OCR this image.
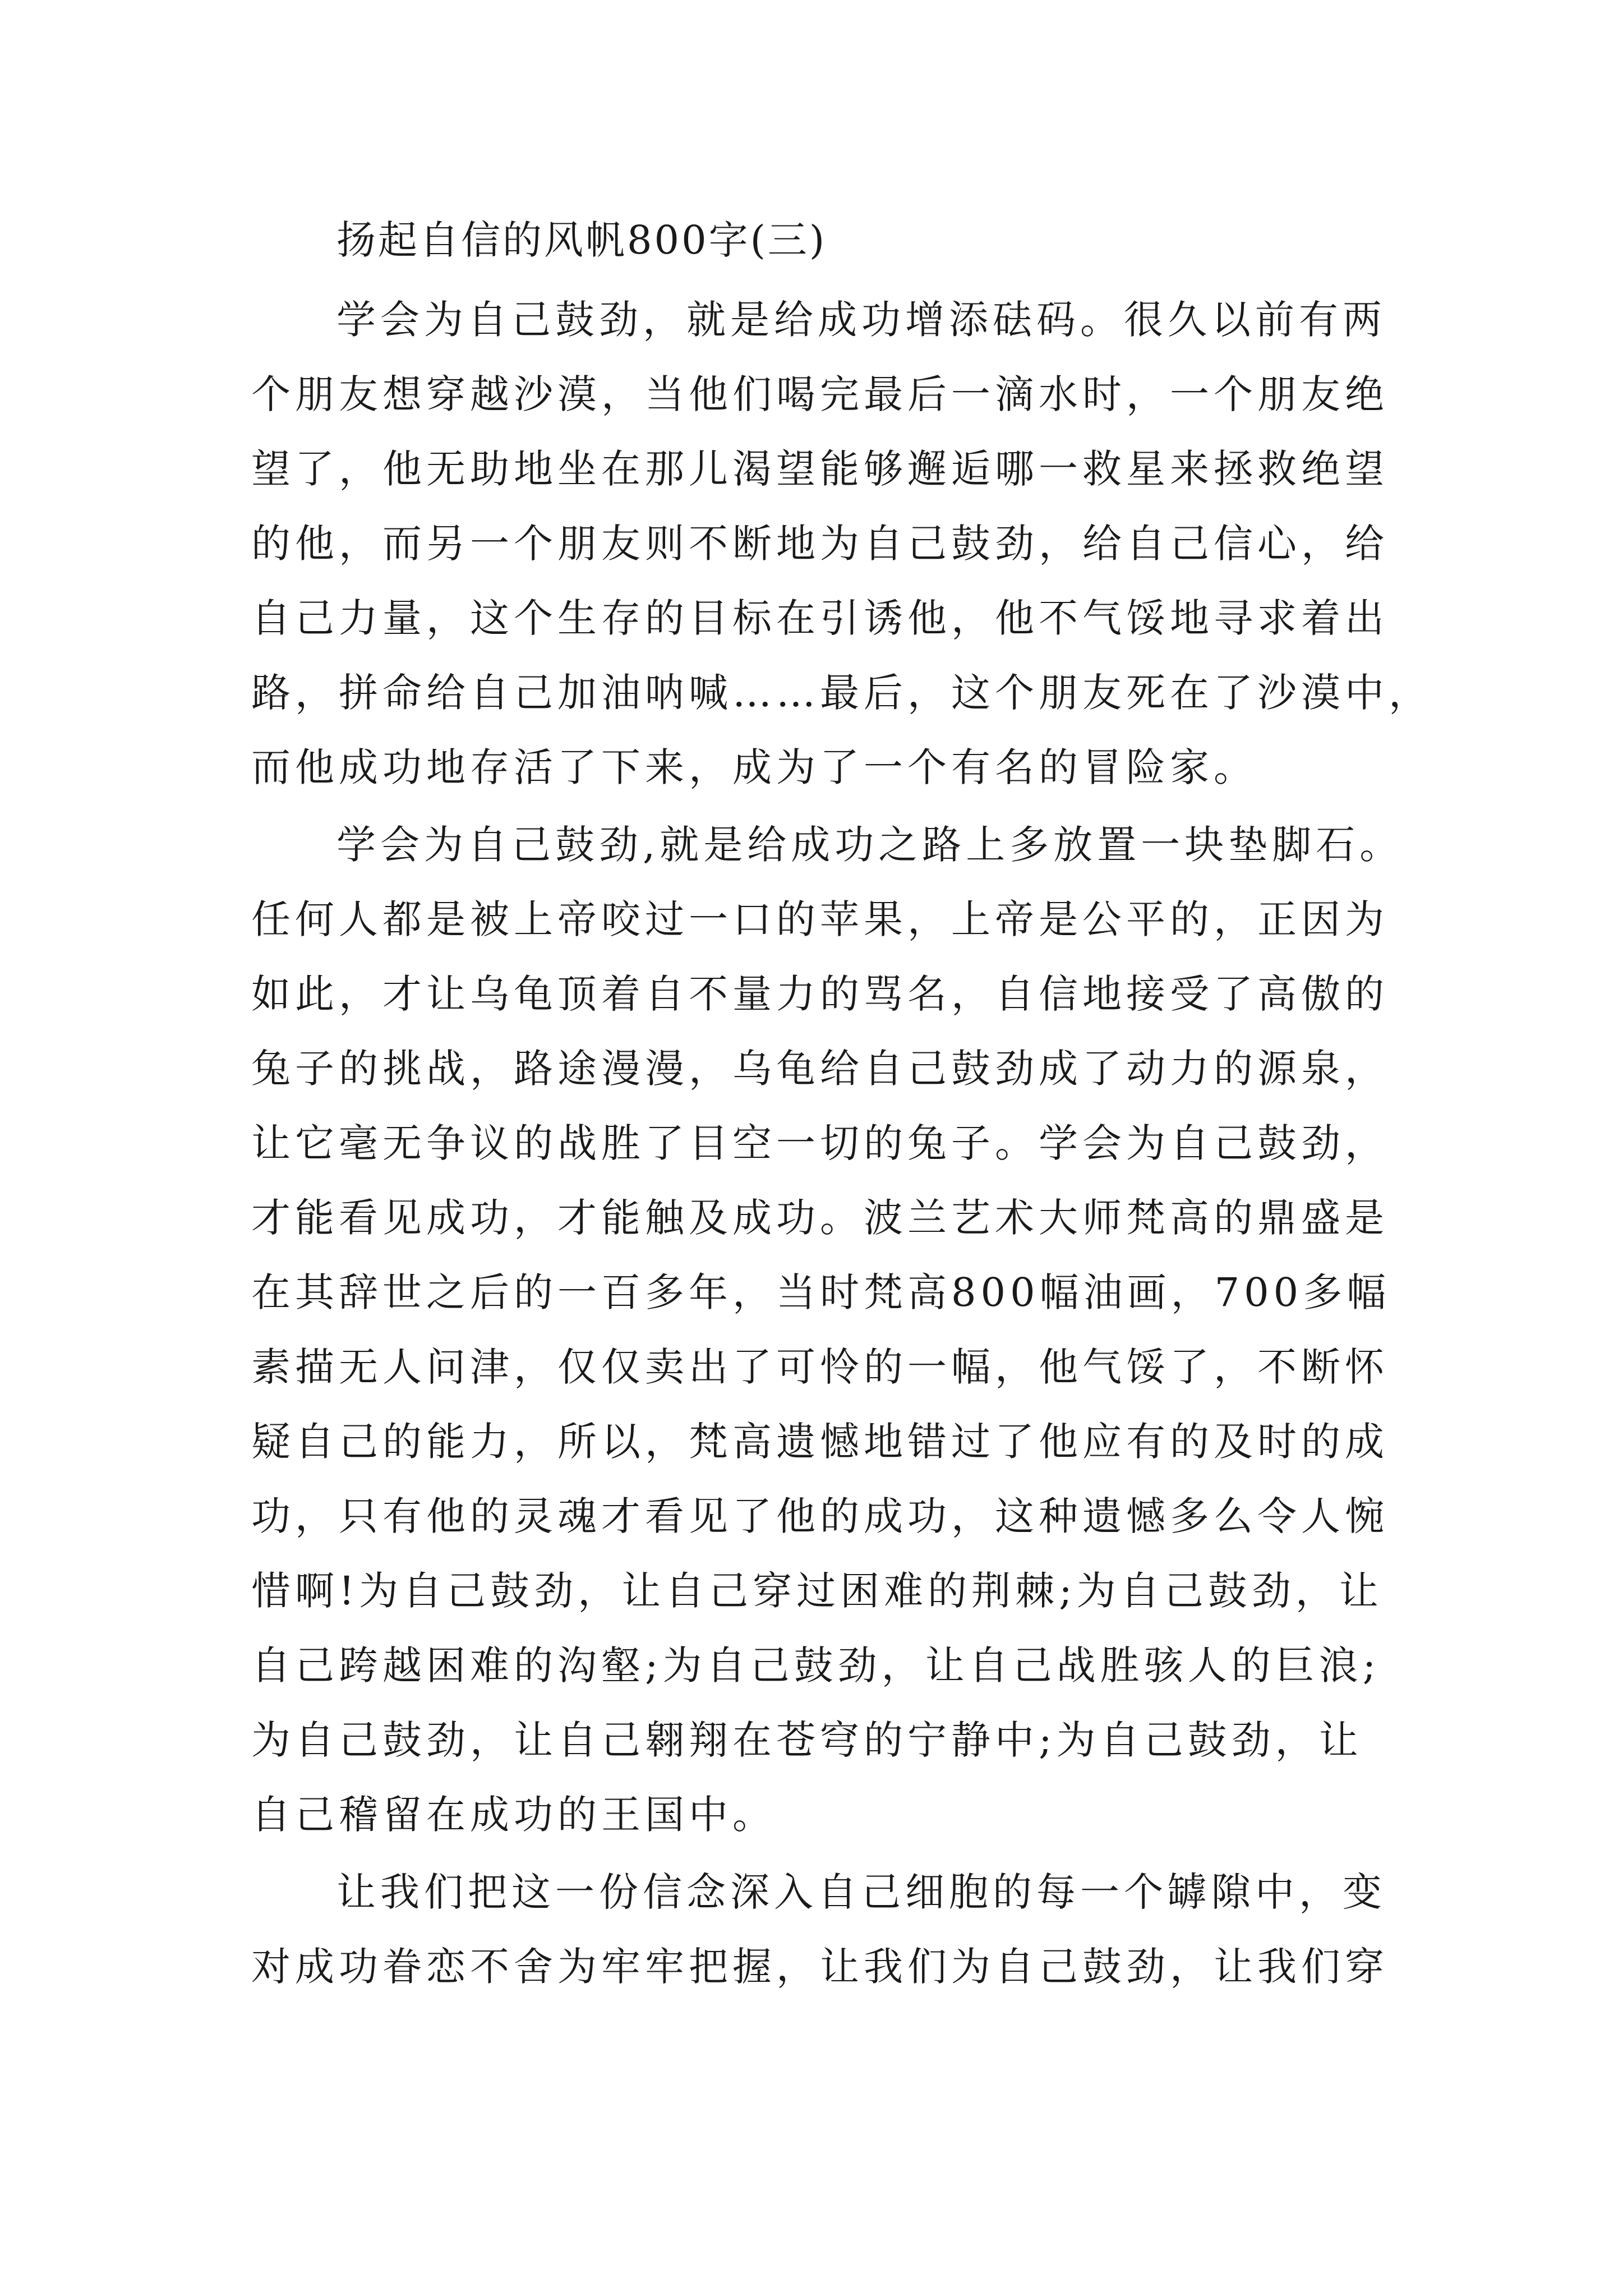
扬起自信的风帆800字(三)

学会为自己鼓劲，就是给成功增添砝码。很久以前有两

个朋友想穿越沙漠，当他们喝完最后一滴水时，一个朋友绝

望了，他无助地坐在那儿渴望能够邂逅哪一救星来拯救绝望

的他，而另一个朋友则不断地为自己鼓劲，给自己信心，给

自己力量，这个生存的目标在引诱他，他不气馁地寻求着出

路，拼命给自己加油呐喊……最后，这个朋友死在了沙漠中，

而他成功地存活了下来，成为了一个有名的冒险家。

学会为自己鼓劲,就是给成功之路上多放置一块垫脚石。

任何人都是被上帝咬过一口的苹果，上帝是公平的，正因为

如此，才让乌龟顶着自不量力的骂名，自信地接受了高傲的

兔子的挑战，路途漫漫，乌龟给自己鼓劲成了动力的源泉，

让它毫无争议的战胜了目空一切的兔子。学会为自己鼓劲，

才能看见成功，才能触及成功。波兰艺术大师梵高的鼎盛是

在其辞世之后的一百多年，当时梵高800幅油画，700多幅

素描无人问津，仅仅卖出了可怜的一幅，他气馁了，不断怀

疑自己的能力，所以，梵高遗憾地错过了他应有的及时的成

功，只有他的灵魂才看见了他的成功，这种遗憾多么令人惋

惜啊!为自己鼓劲，让自己穿过困难的荆棘;为自己鼓劲，让

自己跨越困难的沟壑;为自己鼓劲，让自己战胜骇人的巨浪;

为自己鼓劲，让自己翱翔在苍穹的宁静中;为自己鼓劲，让

自己稽留在成功的王国中。

让我们把这一份信念深入自己细胞的每一个罅隙中，变

对成功眷恋不舍为牢牢把握，让我们为自己鼓劲，让我们穿
